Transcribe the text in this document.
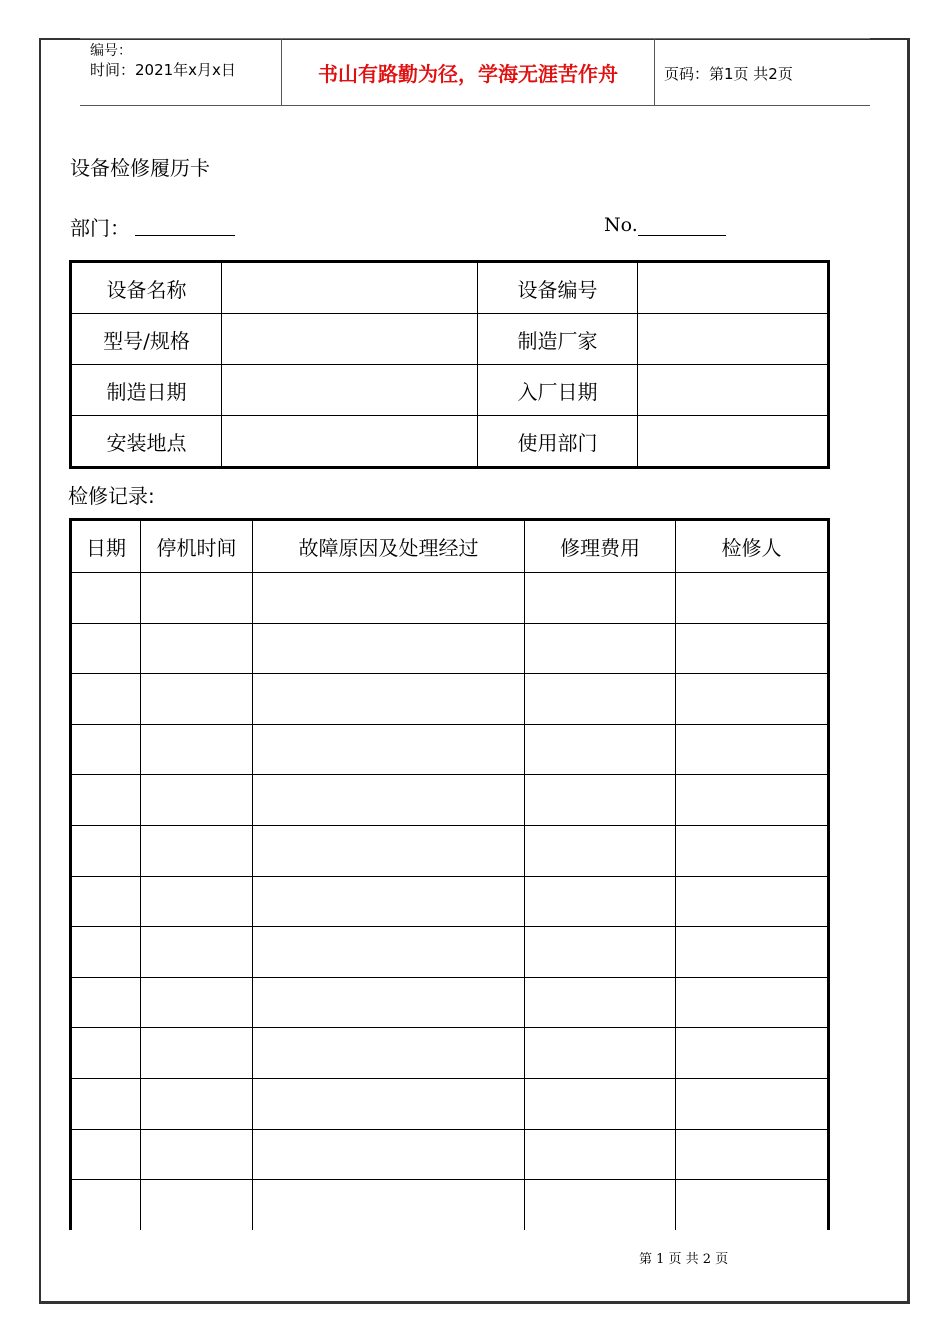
编号：
时间：2021年x月x日	书山有路勤为径，学海无涯苦作舟	页码：第1页 共2页
设备检修履历卡
部门：	No.
设备名称		设备编号	
型号/规格		制造厂家	
制造日期		入厂日期	
安装地点		使用部门	
检修记录:
日期	停机时间	故障原因及处理经过	修理费用	检修人

第 1 页 共 2 页
